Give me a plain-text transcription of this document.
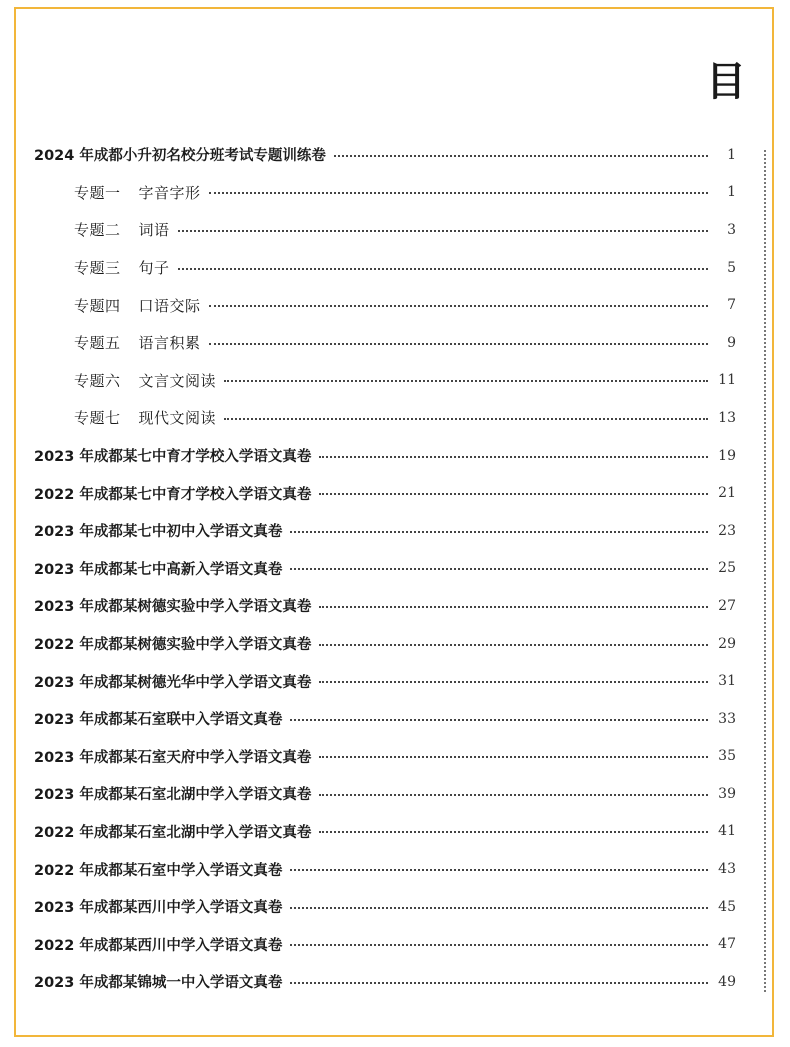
目
2024 年成都小升初名校分班考试专题训练卷	1
专题一 字音字形	1
专题二 词语	3
专题三 句子	5
专题四 口语交际	7
专题五 语言积累	9
专题六 文言文阅读	11
专题七 现代文阅读	13
2023 年成都某七中育才学校入学语文真卷	19
2022 年成都某七中育才学校入学语文真卷	21
2023 年成都某七中初中入学语文真卷	23
2023 年成都某七中高新入学语文真卷	25
2023 年成都某树德实验中学入学语文真卷	27
2022 年成都某树德实验中学入学语文真卷	29
2023 年成都某树德光华中学入学语文真卷	31
2023 年成都某石室联中入学语文真卷	33
2023 年成都某石室天府中学入学语文真卷	35
2023 年成都某石室北湖中学入学语文真卷	39
2022 年成都某石室北湖中学入学语文真卷	41
2022 年成都某石室中学入学语文真卷	43
2023 年成都某西川中学入学语文真卷	45
2022 年成都某西川中学入学语文真卷	47
2023 年成都某锦城一中入学语文真卷	49
